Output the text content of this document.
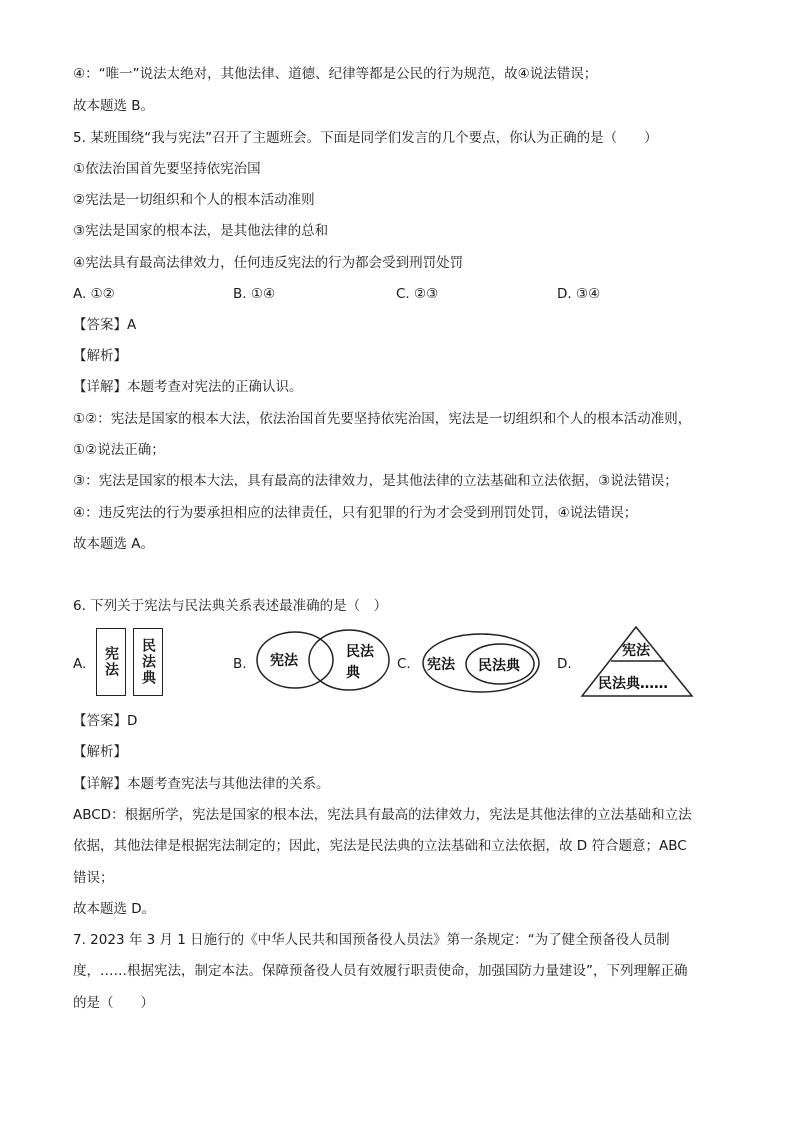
④：“唯一”说法太绝对，其他法律、道德、纪律等都是公民的行为规范，故④说法错误；
故本题选 B。
5. 某班围绕“我与宪法”召开了主题班会。下面是同学们发言的几个要点，你认为正确的是（　　）
①依法治国首先要坚持依宪治国
②宪法是一切组织和个人的根本活动准则
③宪法是国家的根本法，是其他法律的总和
④宪法具有最高法律效力，任何违反宪法的行为都会受到刑罚处罚
A. ①②	B. ①④	C. ②③	D. ③④
【答案】A
【解析】
【详解】本题考查对宪法的正确认识。
①②：宪法是国家的根本大法，依法治国首先要坚持依宪治国，宪法是一切组织和个人的根本活动准则，
①②说法正确；
③：宪法是国家的根本大法，具有最高的法律效力，是其他法律的立法基础和立法依据，③说法错误；
④：违反宪法的行为要承担相应的法律责任，只有犯罪的行为才会受到刑罚处罚，④说法错误；
故本题选 A。
6. 下列关于宪法与民法典关系表述最准确的是（　）
A.	宪法	民法典	B. 宪法
民法
典
C. 宪法 民法典	D.
宪法
民法典……
【答案】D
【解析】
【详解】本题考查宪法与其他法律的关系。
ABCD：根据所学，宪法是国家的根本法，宪法具有最高的法律效力，宪法是其他法律的立法基础和立法
依据，其他法律是根据宪法制定的；因此，宪法是民法典的立法基础和立法依据，故 D 符合题意；ABC
错误；
故本题选 D。
7. 2023 年 3 月 1 日施行的《中华人民共和国预备役人员法》第一条规定：“为了健全预备役人员制
度，……根据宪法，制定本法。保障预备役人员有效履行职责使命，加强国防力量建设”，下列理解正确
的是（　　）
